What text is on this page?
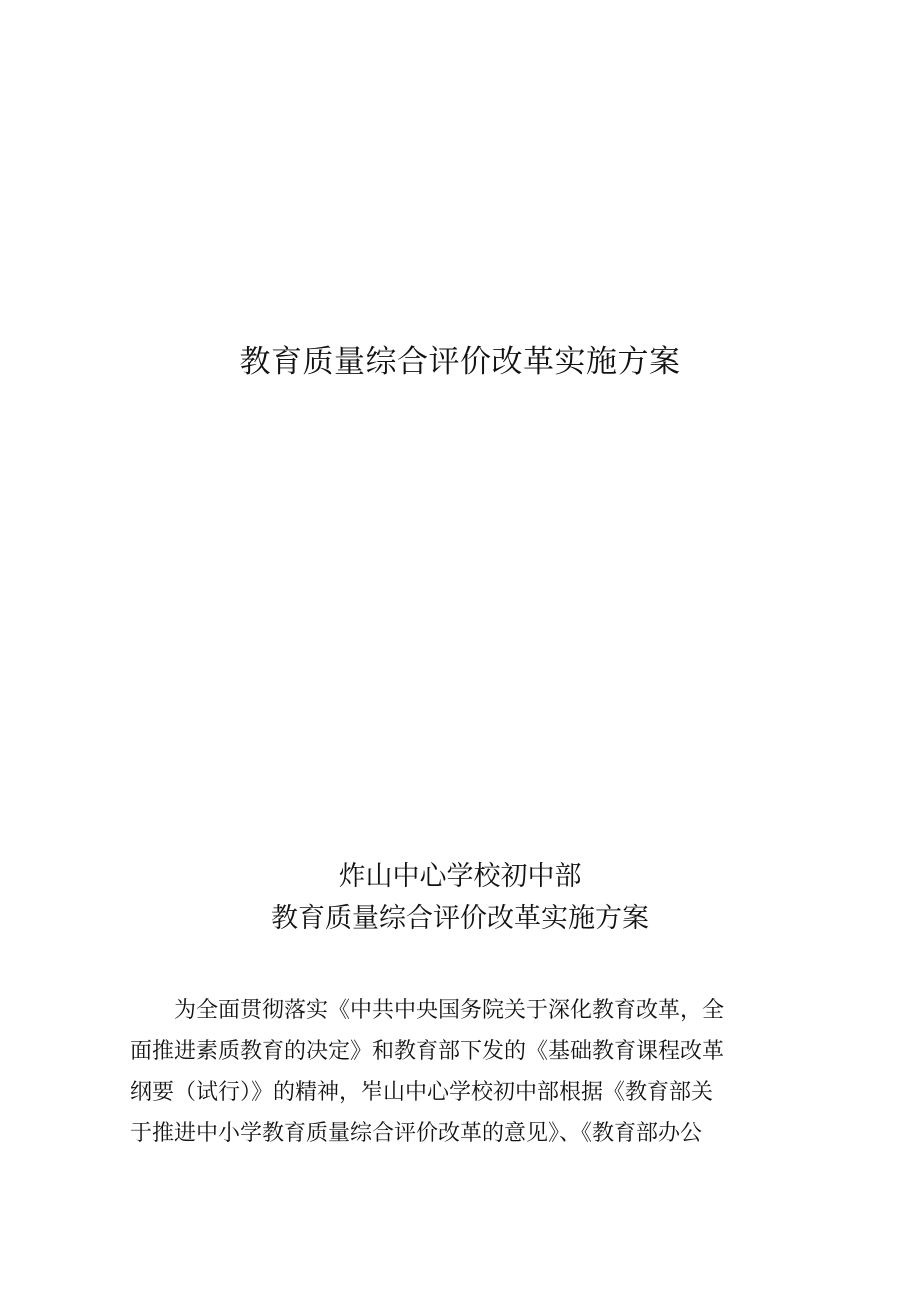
教育质量综合评价改革实施方案
炸山中心学校初中部
教育质量综合评价改革实施方案
为全面贯彻落实《中共中央国务院关于深化教育改革，全
面推进素质教育的决定》和教育部下发的《基础教育课程改革
纲要（试行）》的精神，岝山中心学校初中部根据《教育部关
于推进中小学教育质量综合评价改革的意见》、《教育部办公
